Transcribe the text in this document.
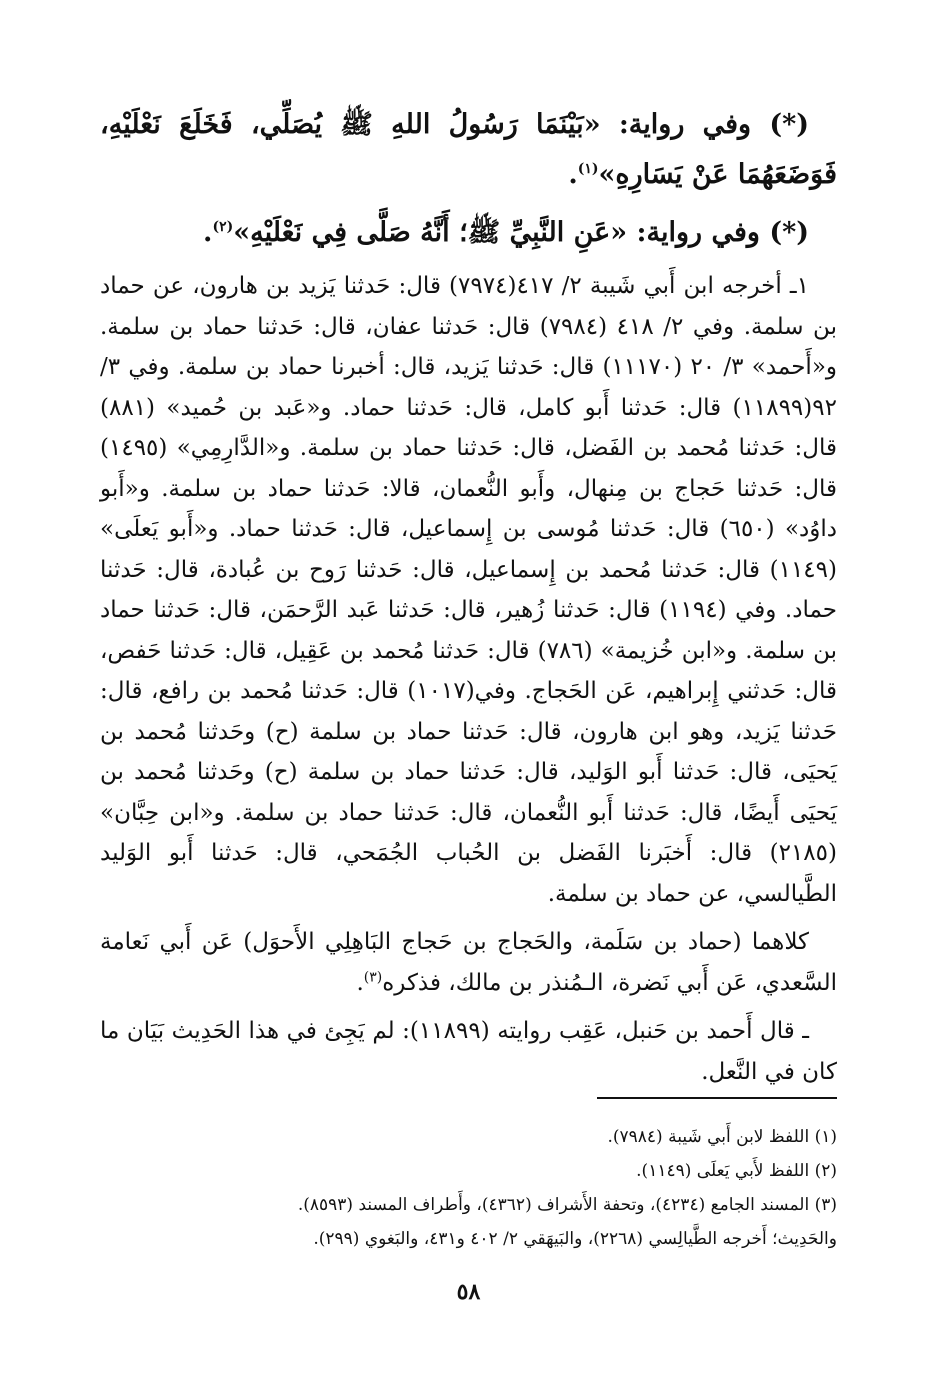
(*) وفي رواية: «بَيْنَمَا رَسُولُ اللهِ ﷺ يُصَلِّي، فَخَلَعَ نَعْلَيْهِ، فَوَضَعَهُمَا عَنْ يَسَارِهِ»$^{(١)}$.

(*) وفي رواية: «عَنِ النَّبِيِّ ﷺ؛ أَنَّهُ صَلَّى فِي نَعْلَيْهِ»$^{(٢)}$.

١ـ أخرجه ابن أَبي شَيبة ٢/ ٤١٧(٧٩٧٤) قال: حَدثنا يَزيد بن هارون، عن حماد بن سلمة. وفي ٢/ ٤١٨ (٧٩٨٤) قال: حَدثنا عفان، قال: حَدثنا حماد بن سلمة. و«أَحمد» ٣/ ٢٠ (١١١٧٠) قال: حَدثنا يَزيد، قال: أخبرنا حماد بن سلمة. وفي ٣/ ٩٢(١١٨٩٩) قال: حَدثنا أَبو كامل، قال: حَدثنا حماد. و«عَبد بن حُميد» (٨٨١) قال: حَدثنا مُحمد بن الفَضل، قال: حَدثنا حماد بن سلمة. و«الدَّارِمِي» (١٤٩٥) قال: حَدثنا حَجاج بن مِنهال، وأَبو النُّعمان، قالا: حَدثنا حماد بن سلمة. و«أَبو داوُد» (٦٥٠) قال: حَدثنا مُوسى بن إِسماعيل، قال: حَدثنا حماد. و«أَبو يَعلَى» (١١٤٩) قال: حَدثنا مُحمد بن إِسماعيل، قال: حَدثنا رَوح بن عُبادة، قال: حَدثنا حماد. وفي (١١٩٤) قال: حَدثنا زُهير، قال: حَدثنا عَبد الرَّحمَن، قال: حَدثنا حماد بن سلمة. و«ابن خُزيمة» (٧٨٦) قال: حَدثنا مُحمد بن عَقِيل، قال: حَدثنا حَفص، قال: حَدثني إِبراهيم، عَن الحَجاج. وفي(١٠١٧) قال: حَدثنا مُحمد بن رافع، قال: حَدثنا يَزيد، وهو ابن هارون، قال: حَدثنا حماد بن سلمة (ح) وحَدثنا مُحمد بن يَحيَى، قال: حَدثنا أَبو الوَليد، قال: حَدثنا حماد بن سلمة (ح) وحَدثنا مُحمد بن يَحيَى أَيضًا، قال: حَدثنا أَبو النُّعمان، قال: حَدثنا حماد بن سلمة. و«ابن حِبَّان» (٢١٨٥) قال: أَخبَرنا الفَضل بن الحُباب الجُمَحي، قال: حَدثنا أَبو الوَليد الطَّيالسي، عن حماد بن سلمة.

كلاهما (حماد بن سَلَمة، والحَجاج بن حَجاج البَاهِلِي الأَحوَل) عَن أَبي نَعامة السَّعدي، عَن أَبي نَضرة، الـمُنذر بن مالك، فذكره$^{(٣)}$.

ـ قال أَحمد بن حَنبل، عَقِب روايته (١١٨٩٩): لم يَجِئ في هذا الحَدِيث بَيَان ما كان في النَّعل.

(١) اللفظ لابن أَبي شَيبة (٧٩٨٤).

(٢) اللفظ لأَبي يَعلَى (١١٤٩).

(٣) المسند الجامع (٤٢٣٤)، وتحفة الأَشراف (٤٣٦٢)، وأَطراف المسند (٨٥٩٣).

والحَدِيث؛ أَخرجه الطَّيالِسي (٢٢٦٨)، والبَيهَقي ٢/ ٤٠٢ و٤٣١، والبَغوي (٢٩٩).

٥٨
